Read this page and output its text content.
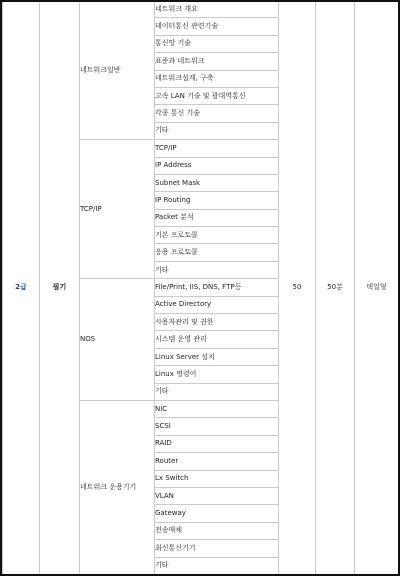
2급	필기	네트워크일반	네트워크 개요	50	50분	택일형
			데이터통신 관련기술			
			통신망 기술			
			표준과 네트워크			
			네트워크설계, 구축			
			고속 LAN 기술 및 광대역통신			
			각종 통신 기술			
			기타			
		TCP/IP	TCP/IP			
			IP Address			
			Subnet Mask			
			IP Routing			
			Packet 분석			
			기본 프로토콜			
			응용 프로토콜			
			기타			
		NOS	File/Print, IIS, DNS, FTP등			
			Active Directory			
			사용자관리 및 권한			
			시스템 운영 관리			
			Linux Server 설치			
			Linux 명령어			
			기타			
		네트워크 운용기기	NIC			
			SCSI			
			RAID			
			Router			
			Lx Switch			
			VLAN			
			Gateway			
			전송매체			
			최신통신기기			
			기타			
